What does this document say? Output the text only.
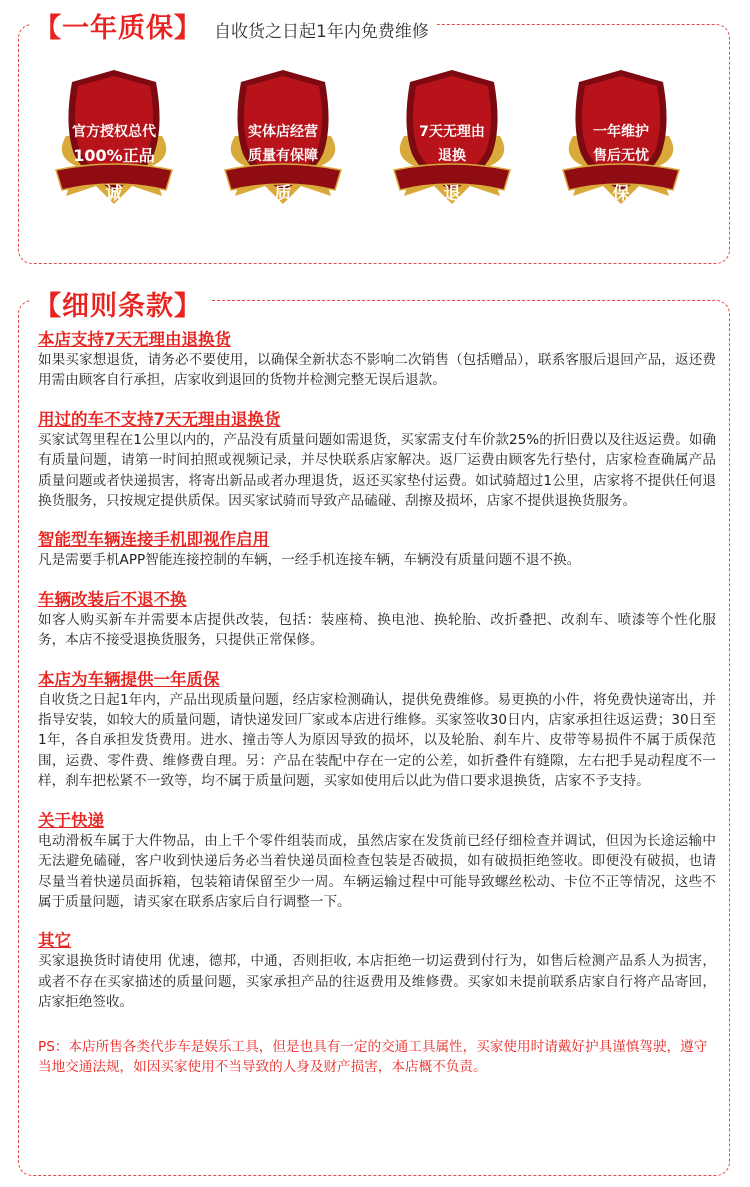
【一年质保】 自收货之日起1年内免费维修
官方授权总代
100%正品
诚
实体店经营
质量有保障
质
7天无理由
退换
退
一年维护
售后无忧
保
【细则条款】
本店支持7天无理由退换货

如果买家想退货，请务必不要使用，以确保全新状态不影响二次销售（包括赠品），联系客服后退回产品，返还费用需由顾客自行承担，店家收到退回的货物并检测完整无误后退款。

用过的车不支持7天无理由退换货

买家试驾里程在1公里以内的，产品没有质量问题如需退货，买家需支付车价款25%的折旧费以及往返运费。如确有质量问题，请第一时间拍照或视频记录，并尽快联系店家解决。返厂运费由顾客先行垫付，店家检查确属产品质量问题或者快递损害，将寄出新品或者办理退货，返还买家垫付运费。如试骑超过1公里，店家将不提供任何退换货服务，只按规定提供质保。因买家试骑而导致产品磕碰、刮擦及损坏，店家不提供退换货服务。

智能型车辆连接手机即视作启用

凡是需要手机APP智能连接控制的车辆，一经手机连接车辆，车辆没有质量问题不退不换。

车辆改装后不退不换

如客人购买新车并需要本店提供改装，包括：装座椅、换电池、换轮胎、改折叠把、改刹车、喷漆等个性化服务，本店不接受退换货服务，只提供正常保修。

本店为车辆提供一年质保

自收货之日起1年内，产品出现质量问题，经店家检测确认，提供免费维修。易更换的小件，将免费快递寄出，并指导安装，如较大的质量问题，请快递发回厂家或本店进行维修。买家签收30日内，店家承担往返运费；30日至1年，各自承担发货费用。进水、撞击等人为原因导致的损坏，以及轮胎、刹车片、皮带等易损件不属于质保范围，运费、零件费、维修费自理。另：产品在装配中存在一定的公差，如折叠件有缝隙，左右把手晃动程度不一样，刹车把松紧不一致等，均不属于质量问题，买家如使用后以此为借口要求退换货，店家不予支持。

关于快递

电动滑板车属于大件物品，由上千个零件组装而成，虽然店家在发货前已经仔细检查并调试，但因为长途运输中无法避免磕碰，客户收到快递后务必当着快递员面检查包装是否破损，如有破损拒绝签收。即便没有破损，也请尽量当着快递员面拆箱，包装箱请保留至少一周。车辆运输过程中可能导致螺丝松动、卡位不正等情况，这些不属于质量问题，请买家在联系店家后自行调整一下。

其它

买家退换货时请使用 优速，德邦，中通，否则拒收, 本店拒绝一切运费到付行为，如售后检测产品系人为损害，或者不存在买家描述的质量问题，买家承担产品的往返费用及维修费。买家如未提前联系店家自行将产品寄回，店家拒绝签收。

PS：本店所售各类代步车是娱乐工具，但是也具有一定的交通工具属性，买家使用时请戴好护具谨慎驾驶，遵守当地交通法规，如因买家使用不当导致的人身及财产损害，本店概不负责。
